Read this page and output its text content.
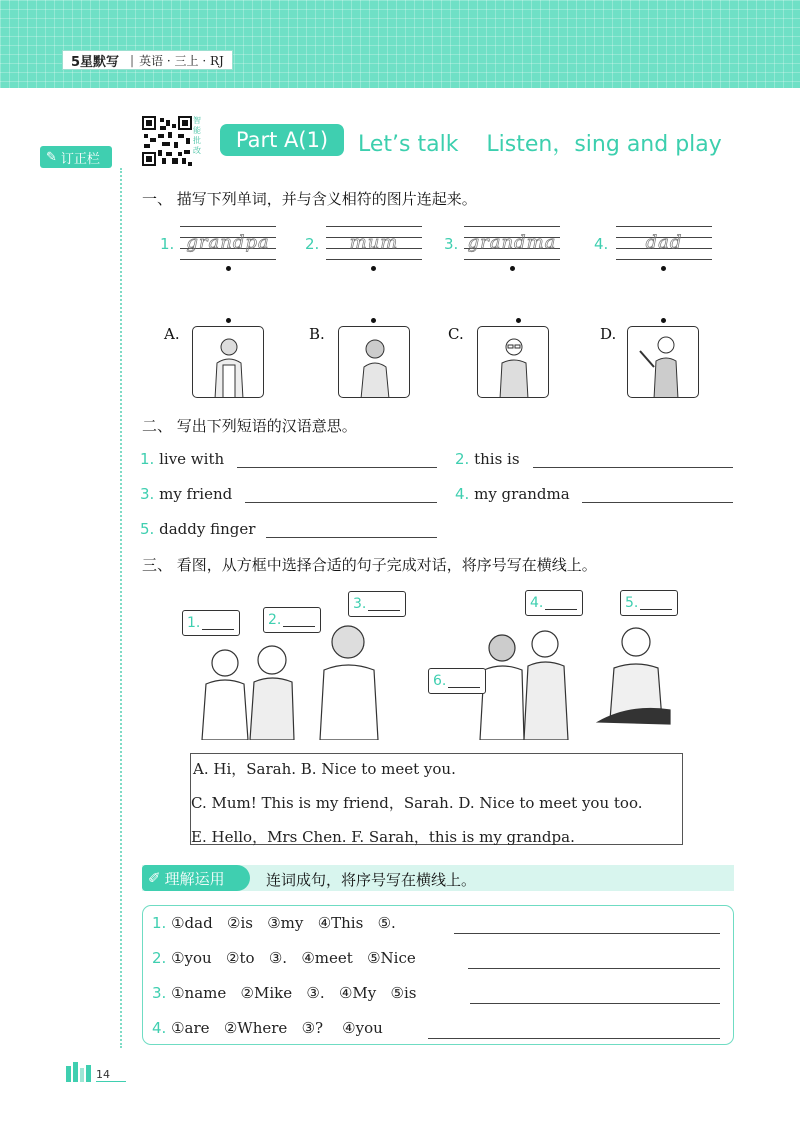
5星默写 | 英语 · 三上 · RJ
✎ 订正栏
智能批改	Part A(1)	Let’s talk    Listen，sing and play
一、 描写下列单词，并与含义相符的图片连起来。
1. grandpa	2.	mum	3. grandma	4.	dad
A.	B.	C.	D.
二、 写出下列短语的汉语意思。
1. live with	2. this is
3. my friend	4. my grandma
5. daddy finger
三、 看图，从方框中选择合适的句子完成对话，将序号写在横线上。
1.	2.
3.	4.	5.
6.
A. Hi，Sarah. B. Nice to meet you.
C. Mum! This is my friend，Sarah. D. Nice to meet you too.
E. Hello，Mrs Chen. F. Sarah，this is my grandpa.
✐ 理解运用	连词成句，将序号写在横线上。
1. ①dad   ②is   ③my   ④This   ⑤.
2. ①you   ②to   ③.   ④meet   ⑤Nice
3. ①name   ②Mike   ③.   ④My   ⑤is
4. ①are   ②Where   ③?    ④you
14
